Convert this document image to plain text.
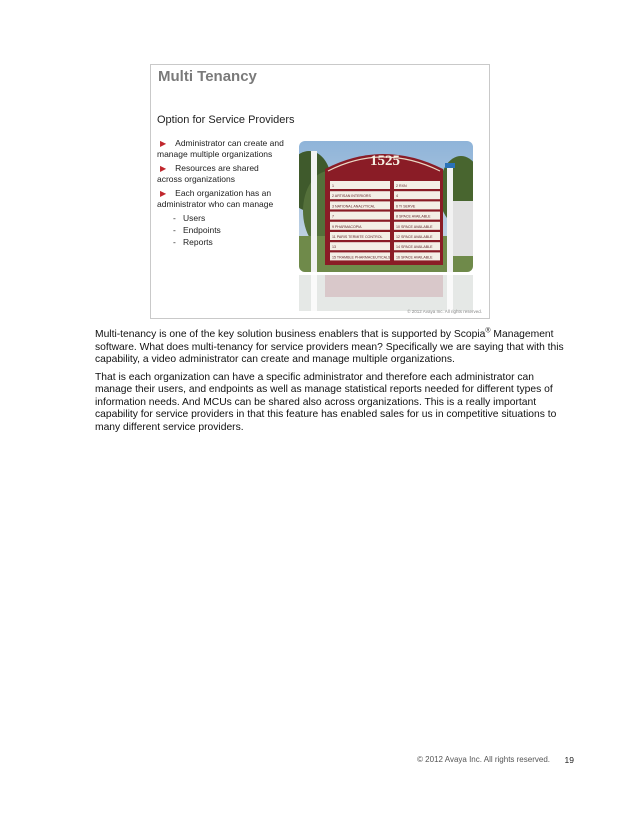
Multi Tenancy
Option for Service Providers
▶ Administrator can create and manage multiple organizations
▶ Resources are shared across organizations
▶ Each organization has an administrator who can manage
- Users
- Endpoints
- Reports
1525
1
2 ARTISAN INTERIORS
3 NATIONAL ANALYTICAL
7
9 PHARMACOPIA
11 PARIS TERMITE CONTROL
13
15 TRAMBLE PHARMACEUTICALS
2 RXN
4
6 TI SERVE
8 SPACE AVAILABLE
10 SPACE AVAILABLE
12 SPACE AVAILABLE
14 SPACE AVAILABLE
16 SPACE AVAILABLE
© 2012 Avaya Inc. All rights reserved.

Multi-tenancy is one of the key solution business enablers that is supported by Scopia® Management software. What does multi-tenancy for service providers mean? Specifically we are saying that with this capability, a video administrator can create and manage multiple organizations.

That is each organization can have a specific administrator and therefore each administrator can manage their users, and endpoints as well as manage statistical reports needed for different types of information needs. And MCUs can be shared also across organizations. This is a really important capability for service providers in that this feature has enabled sales for us in competitive situations to many different service providers.

© 2012 Avaya Inc. All rights reserved. 19
